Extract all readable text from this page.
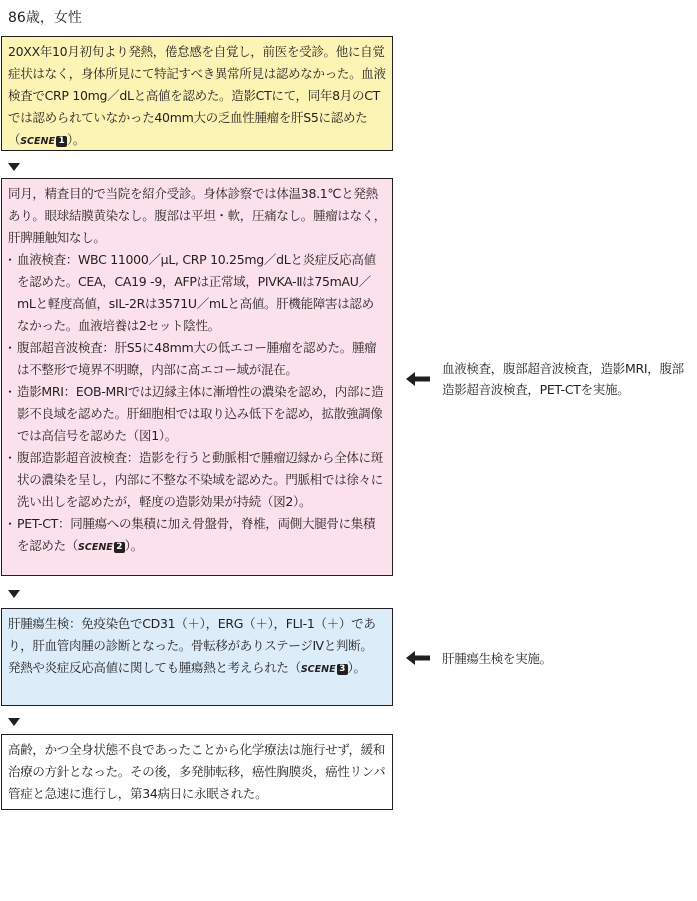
86歳，女性
20XX年10月初旬より発熱，倦怠感を自覚し，前医を受診。他に自覚症状はなく，身体所見にて特記すべき異常所見は認めなかった。血液検査でCRP 10mg／dLと高値を認めた。造影CTにて，同年8月のCTでは認められていなかった40mm大の乏血性腫瘤を肝S5に認めた（SCENE 1 ）。
同月，精査目的で当院を紹介受診。身体診察では体温38.1℃と発熱あり。眼球結膜黄染なし。腹部は平坦・軟，圧痛なし。腫瘤はなく，肝脾腫触知なし。
・ 血液検査：WBC 11000／μL, CRP 10.25mg／dLと炎症反応高値を認めた。CEA，CA19 -9，AFPは正常域，PIVKA-Ⅱは75mAU／mLと軽度高値，sIL-2Rは3571U／mLと高値。肝機能障害は認めなかった。血液培養は2セット陰性。
・ 腹部超音波検査：肝S5に48mm大の低エコー腫瘤を認めた。腫瘤は不整形で境界不明瞭，内部に高エコー域が混在。
・ 造影MRI：EOB-MRIでは辺縁主体に漸増性の濃染を認め，内部に造影不良域を認めた。肝細胞相では取り込み低下を認め，拡散強調像では高信号を認めた（図1）。
・ 腹部造影超音波検査：造影を行うと動脈相で腫瘤辺縁から全体に斑状の濃染を呈し，内部に不整な不染域を認めた。門脈相では徐々に洗い出しを認めたが，軽度の造影効果が持続（図2）。
・ PET-CT：同腫瘍への集積に加え骨盤骨，脊椎，両側大腿骨に集積を認めた（SCENE 2 ）。
血液検査，腹部超音波検査，造影MRI，腹部造影超音波検査，PET-CTを実施。
肝腫瘍生検：免疫染色でCD31（＋），ERG（＋），FLI-1（＋）であり，肝血管肉腫の診断となった。骨転移がありステージⅣと判断。　発熱や炎症反応高値に関しても腫瘍熱と考えられた（SCENE 3 ）。
肝腫瘍生検を実施。
高齢，かつ全身状態不良であったことから化学療法は施行せず，緩和治療の方針となった。その後，多発肺転移，癌性胸膜炎，癌性リンパ管症と急速に進行し，第34病日に永眠された。
